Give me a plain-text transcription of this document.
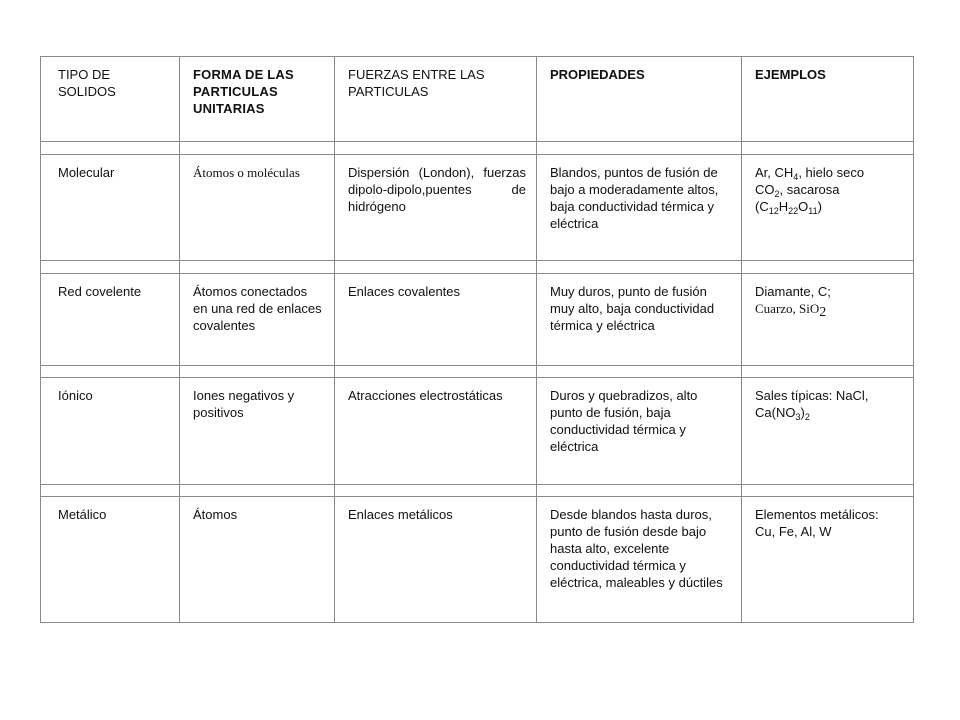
TIPO DE SOLIDOS	FORMA DE LAS PARTICULAS UNITARIAS	FUERZAS ENTRE LAS PARTICULAS	PROPIEDADES	EJEMPLOS

Molecular	Átomos o moléculas	Dispersión (London), fuerzas dipolo-dipolo,puentes de hidrógeno	Blandos, puntos de fusión de bajo a moderadamente altos, baja conductividad térmica y eléctrica	Ar, $CH_4$, hielo seco
$CO_2$, sacarosa
$(C_{12}H_{22}O_{11})$

Red covelente	Átomos conectados en una red de enlaces covalentes	Enlaces covalentes	Muy duros, punto de fusión muy alto, baja conductividad térmica y eléctrica	Diamante, C;
Cuarzo, SiO$_2$

Iónico	Iones negativos y positivos	Atracciones electrostáticas	Duros y quebradizos, alto punto de fusión, baja conductividad térmica y eléctrica	Sales típicas: NaCl,
$Ca(NO_3)_2$

Metálico	Átomos	Enlaces metálicos	Desde blandos hasta duros, punto de fusión desde bajo hasta alto, excelente conductividad térmica y eléctrica, maleables y dúctiles	Elementos metálicos:
Cu, Fe, Al, W
